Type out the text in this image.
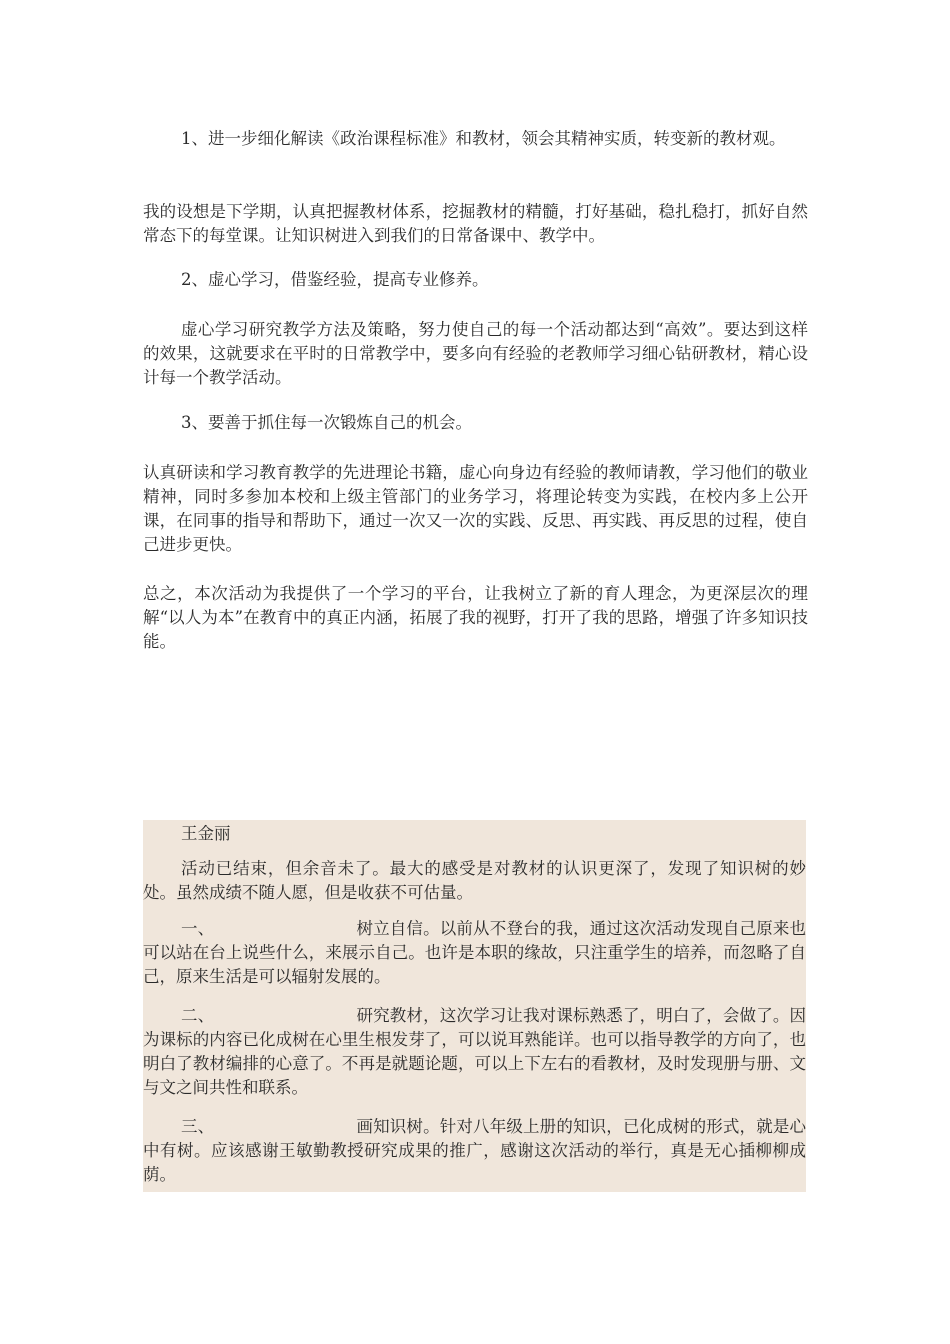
1、进一步细化解读《政治课程标准》和教材，领会其精神实质，转变新的教材观。

我的设想是下学期，认真把握教材体系，挖掘教材的精髓，打好基础，稳扎稳打，抓好自然常态下的每堂课。让知识树进入到我们的日常备课中、教学中。

2、虚心学习，借鉴经验，提高专业修养。

虚心学习研究教学方法及策略，努力使自己的每一个活动都达到“高效”。要达到这样的效果，这就要求在平时的日常教学中，要多向有经验的老教师学习细心钻研教材，精心设计每一个教学活动。

3、要善于抓住每一次锻炼自己的机会。

认真研读和学习教育教学的先进理论书籍，虚心向身边有经验的教师请教，学习他们的敬业精神，同时多参加本校和上级主管部门的业务学习，将理论转变为实践，在校内多上公开课，在同事的指导和帮助下，通过一次又一次的实践、反思、再实践、再反思的过程，使自己进步更快。

总之，本次活动为我提供了一个学习的平台，让我树立了新的育人理念，为更深层次的理解“以人为本”在教育中的真正内涵，拓展了我的视野，打开了我的思路，增强了许多知识技能。

王金丽

活动已结束，但余音未了。最大的感受是对教材的认识更深了，发现了知识树的妙处。虽然成绩不随人愿，但是收获不可估量。

一、	树立自信。以前从不登台的我，通过这次活动发现自己原来也可以站在台上说些什么，来展示自己。也许是本职的缘故，只注重学生的培养，而忽略了自己，原来生活是可以辐射发展的。

二、	研究教材，这次学习让我对课标熟悉了，明白了，会做了。因为课标的内容已化成树在心里生根发芽了，可以说耳熟能详。也可以指导教学的方向了，也明白了教材编排的心意了。不再是就题论题，可以上下左右的看教材，及时发现册与册、文与文之间共性和联系。

三、	画知识树。针对八年级上册的知识，已化成树的形式，就是心中有树。应该感谢王敏勤教授研究成果的推广，感谢这次活动的举行，真是无心插柳柳成荫。
